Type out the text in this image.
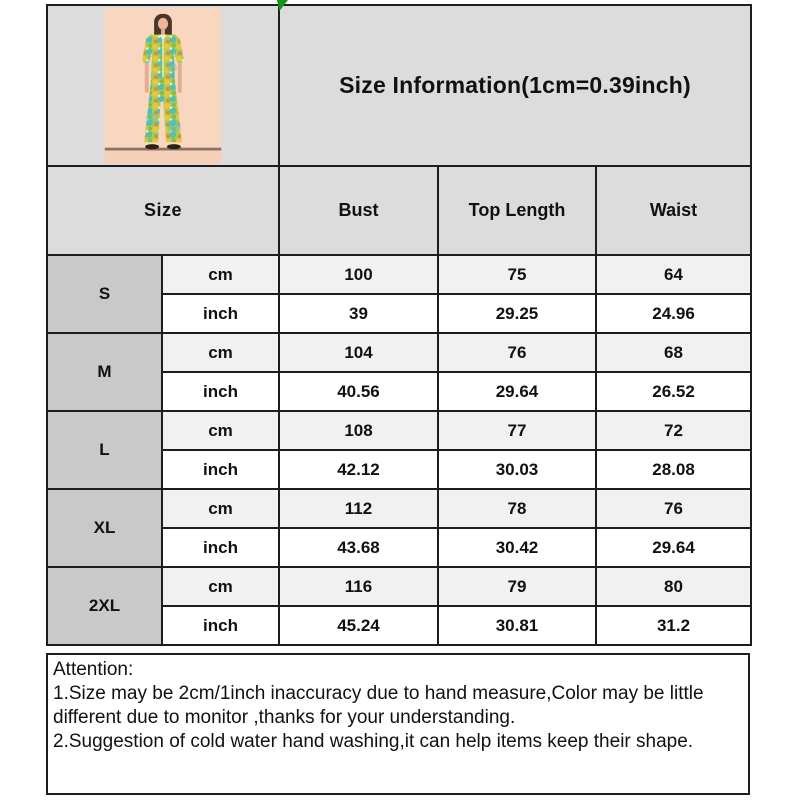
	Size Information(1cm=0.39inch)		
Size		Bust	Top Length	Waist
S	cm	100	75	64
	inch	39	29.25	24.96
M	cm	104	76	68
	inch	40.56	29.64	26.52
L	cm	108	77	72
	inch	42.12	30.03	28.08
XL	cm	112	78	76
	inch	43.68	30.42	29.64
2XL	cm	116	79	80
	inch	45.24	30.81	31.2
Attention:
1.Size may be 2cm/1inch inaccuracy due to hand measure,Color may be little different due to monitor ,thanks for your understanding.
2.Suggestion of cold water hand washing,it can help items keep their shape.
